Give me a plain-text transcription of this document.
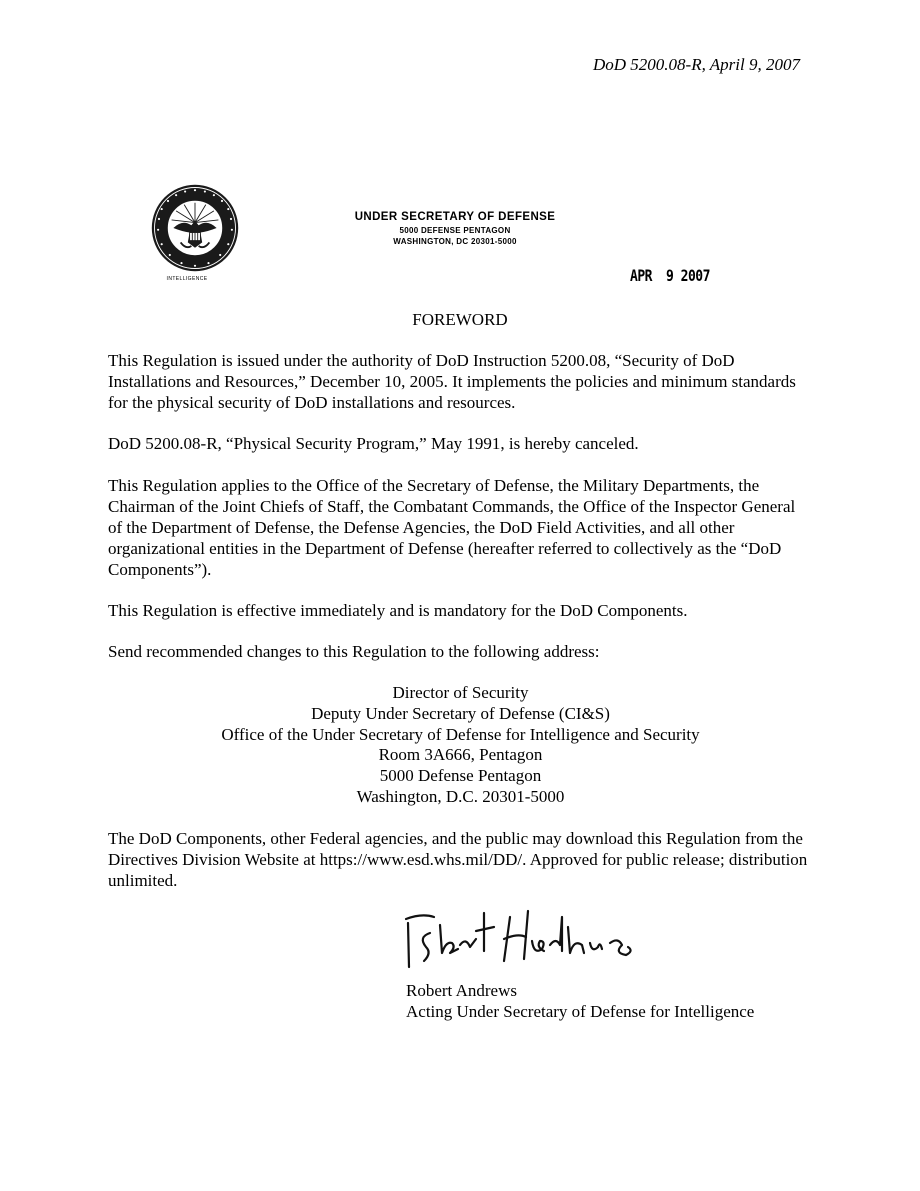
DoD 5200.08-R, April 9, 2007
INTELLIGENCE
UNDER SECRETARY OF DEFENSE
5000 DEFENSE PENTAGON
WASHINGTON, DC 20301-5000
APR 9 2007
FOREWORD
This Regulation is issued under the authority of DoD Instruction 5200.08, “Security of DoD Installations and Resources,” December 10, 2005. It implements the policies and minimum standards for the physical security of DoD installations and resources.
DoD 5200.08-R, “Physical Security Program,” May 1991, is hereby canceled.
This Regulation applies to the Office of the Secretary of Defense, the Military Departments, the Chairman of the Joint Chiefs of Staff, the Combatant Commands, the Office of the Inspector General of the Department of Defense, the Defense Agencies, the DoD Field Activities, and all other organizational entities in the Department of Defense (hereafter referred to collectively as the “DoD Components”).
This Regulation is effective immediately and is mandatory for the DoD Components.
Send recommended changes to this Regulation to the following address:
Director of Security
Deputy Under Secretary of Defense (CI&S)
Office of the Under Secretary of Defense for Intelligence and Security
Room 3A666, Pentagon
5000 Defense Pentagon
Washington, D.C. 20301-5000
The DoD Components, other Federal agencies, and the public may download this Regulation from the Directives Division Website at https://www.esd.whs.mil/DD/. Approved for public release; distribution unlimited.
Robert Andrews
Acting Under Secretary of Defense for Intelligence
